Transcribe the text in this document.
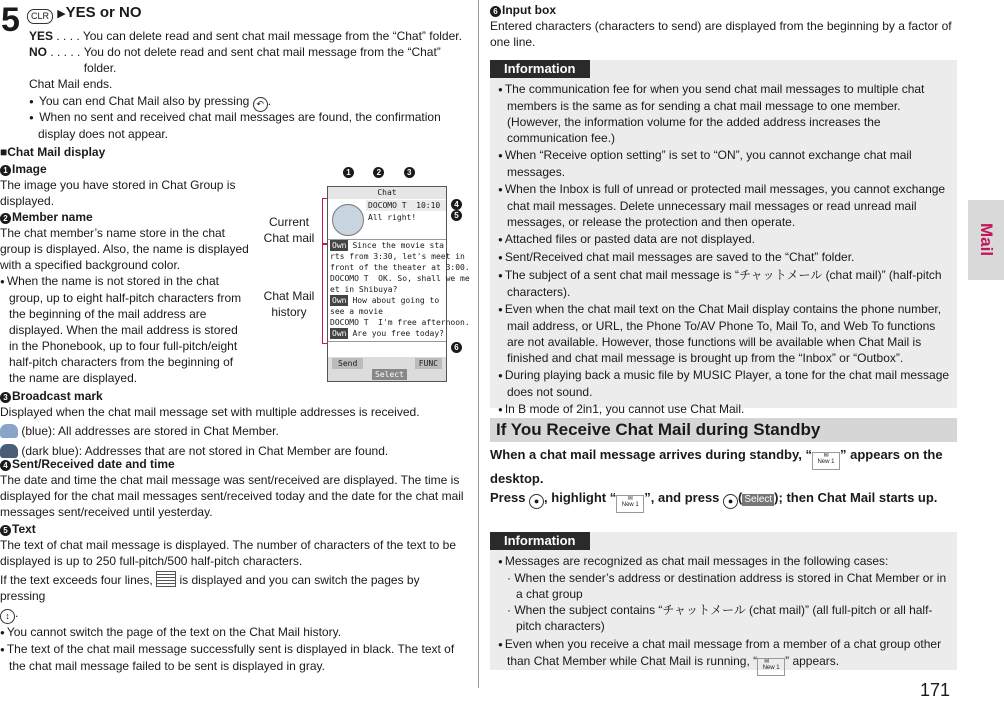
5	CLR ▶YES or NO
YES . . . . You can delete read and sent chat mail message from the “Chat” folder.
NO . . . . . You do not delete read and sent chat mail message from the “Chat” folder.
Chat Mail ends.
● You can end Chat Mail also by pressing ↶ .
● When no sent and received chat mail messages are found, the confirmation display does not appear.
■Chat Mail display
1 Image
The image you have stored in Chat Group is displayed.
2 Member name
The chat member’s name store in the chat group is displayed. Also, the name is displayed with a specified background color.
● When the name is not stored in the chat group, up to eight half-pitch characters from the beginning of the mail address are displayed. When the mail address is stored in the Phonebook, up to four full-pitch/eight half-pitch characters from the beginning of the name are displayed.
3 Broadcast mark
Displayed when the chat mail message set with multiple addresses is received.
(blue): All addresses are stored in Chat Member.
(dark blue): Addresses that are not stored in Chat Member are found.
4 Sent/Received date and time
The date and time the chat mail message was sent/received are displayed. The time is displayed for the chat mail messages sent/received today and the date for the chat mail messages sent/received until yesterday.
5 Text
The text of chat mail message is displayed. The number of characters of the text to be displayed is up to 250 full-pitch/500 half-pitch characters.
If the text exceeds four lines, is displayed and you can switch the pages by pressing
↕ .
● You cannot switch the page of the text on the Chat Mail history.
● The text of the chat mail message successfully sent is displayed in black. The text of the chat mail message failed to be sent is displayed in gray.
Current Chat mail
Chat Mail history
1	2	3
4
5
6
Chat
DOCOMO T  10:10
All right!
Own Since the movie sta
rts from 3:30, let's meet in
front of the theater at 3:00.
DOCOMO T  OK. So, shall we me
et in Shibuya?
Own How about going to
see a movie
DOCOMO T  I'm free afternoon.
Own Are you free today?
Send	FUNC
Select
6 Input box
Entered characters (characters to send) are displayed from the beginning by a factor of one line.
Information
● The communication fee for when you send chat mail messages to multiple chat members is the same as for sending a chat mail message to one member. (However, the information volume for the added address increases the communication fee.)
● When “Receive option setting” is set to “ON”, you cannot exchange chat mail messages.
● When the Inbox is full of unread or protected mail messages, you cannot exchange chat mail messages. Delete unnecessary mail messages or read unread mail messages, or release the protection and then operate.
● Attached files or pasted data are not displayed.
● Sent/Received chat mail messages are saved to the “Chat” folder.
● The subject of a sent chat mail message is “チャットメール (chat mail)” (half-pitch characters).
● Even when the chat mail text on the Chat Mail display contains the phone number, mail address, or URL, the Phone To/AV Phone To, Mail To, and Web To functions are not available. However, those functions will be available when Chat Mail is finished and chat mail message is brought up from the “Inbox” or “Outbox”.
● During playing back a music file by MUSIC Player, a tone for the chat mail message does not sound.
● In B mode of 2in1, you cannot use Chat Mail.
If You Receive Chat Mail during Standby
When a chat mail message arrives during standby, “ ✉
New 1 ” appears on the desktop.
Press ● , highlight “ ✉
New 1 ”, and press ● ( Select ); then Chat Mail starts up.
Information
● Messages are recognized as chat mail messages in the following cases:
· When the sender’s address or destination address is stored in Chat Member or in a chat group
· When the subject contains “チャットメール (chat mail)” (all full-pitch or all half-pitch characters)
● Even when you receive a chat mail message from a member of a chat group other than Chat Member while Chat Mail is running, “ ✉
New 1 ” appears.
Mail
171
